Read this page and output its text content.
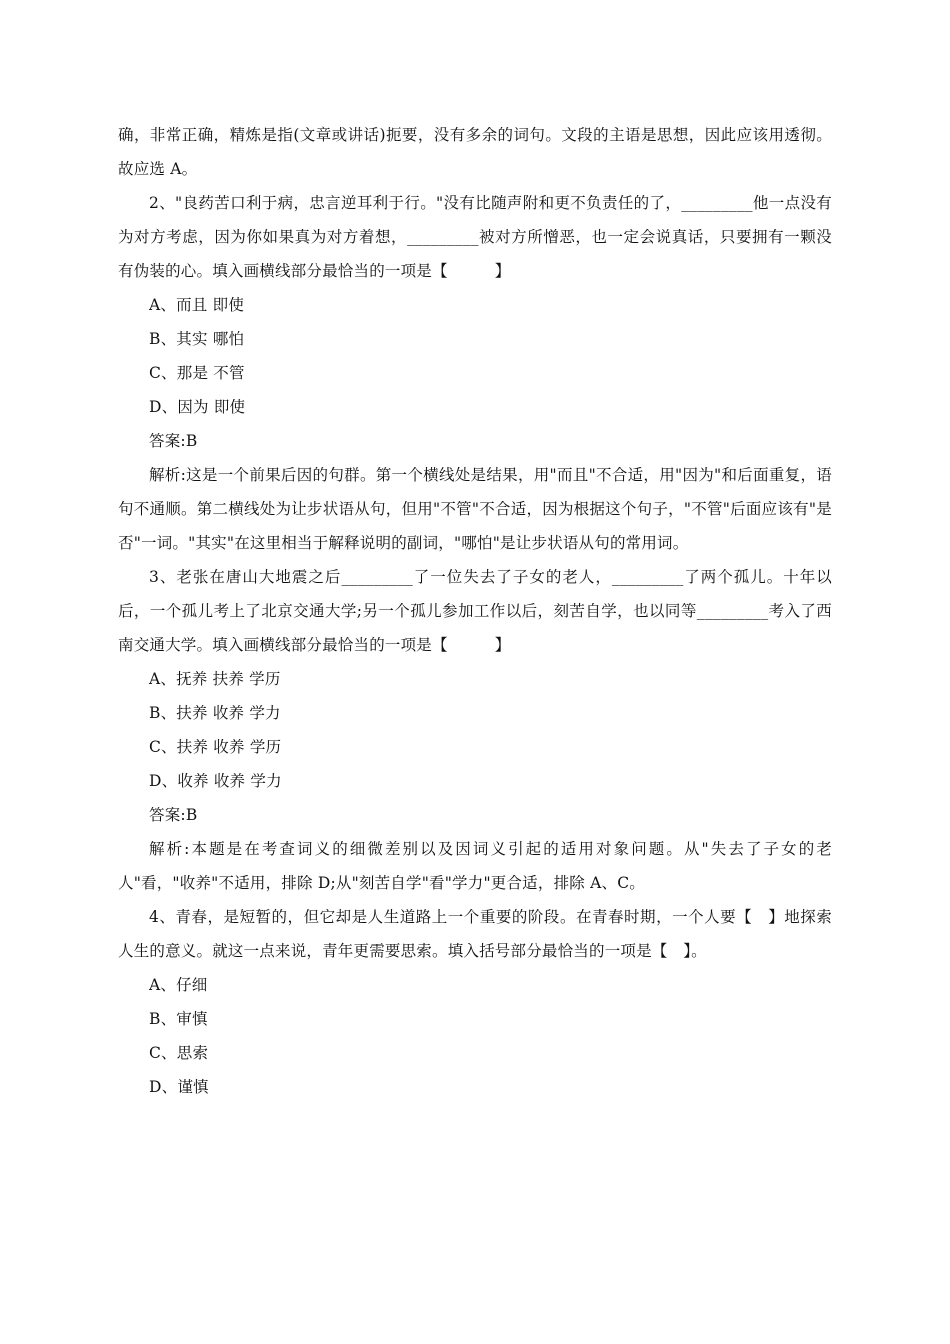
确，非常正确，精炼是指(文章或讲话)扼要，没有多余的词句。文段的主语是思想，因此应该用透彻。故应选 A。

2、"良药苦口利于病，忠言逆耳利于行。"没有比随声附和更不负责任的了，_________他一点没有为对方考虑，因为你如果真为对方着想，_________被对方所憎恶，也一定会说真话，只要拥有一颗没有伪装的心。填入画横线部分最恰当的一项是【　　　】

A、而且 即使

B、其实 哪怕

C、那是 不管

D、因为 即使

答案:B

解析:这是一个前果后因的句群。第一个横线处是结果，用"而且"不合适，用"因为"和后面重复，语句不通顺。第二横线处为让步状语从句，但用"不管"不合适，因为根据这个句子，"不管"后面应该有"是否"一词。"其实"在这里相当于解释说明的副词，"哪怕"是让步状语从句的常用词。

3、老张在唐山大地震之后_________了一位失去了子女的老人，_________了两个孤儿。十年以后，一个孤儿考上了北京交通大学;另一个孤儿参加工作以后，刻苦自学，也以同等_________考入了西南交通大学。填入画横线部分最恰当的一项是【　　　】

A、抚养 扶养 学历

B、扶养 收养 学力

C、扶养 收养 学历

D、收养 收养 学力

答案:B

解析:本题是在考查词义的细微差别以及因词义引起的适用对象问题。从"失去了子女的老人"看，"收养"不适用，排除 D;从"刻苦自学"看"学力"更合适，排除 A、C。

4、青春，是短暂的，但它却是人生道路上一个重要的阶段。在青春时期，一个人要【　】地探索人生的意义。就这一点来说，青年更需要思索。填入括号部分最恰当的一项是【　】。

A、仔细

B、审慎

C、思索

D、谨慎
